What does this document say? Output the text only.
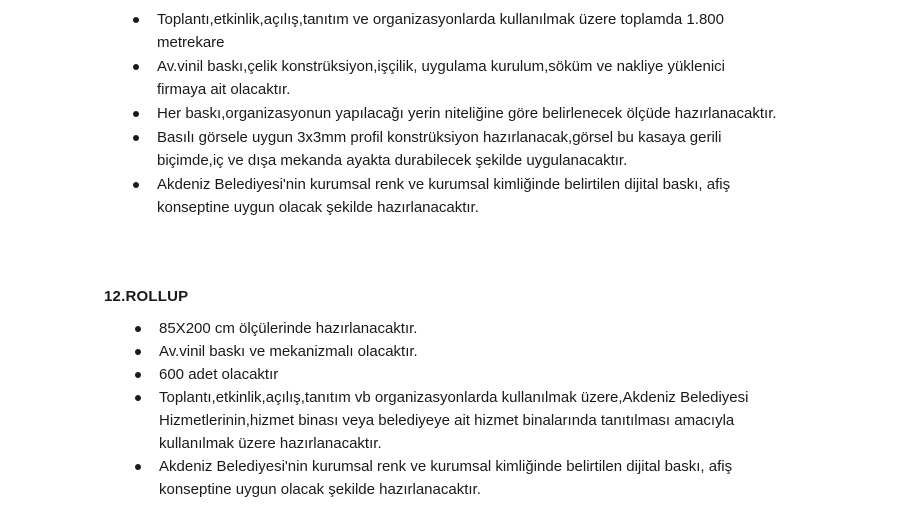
Toplantı,etkinlik,açılış,tanıtım ve organizasyonlarda kullanılmak üzere toplamda 1.800 metrekare
Av.vinil baskı,çelik konstrüksiyon,işçilik, uygulama kurulum,söküm ve nakliye yüklenici firmaya ait olacaktır.
Her baskı,organizasyonun yapılacağı yerin niteliğine göre belirlenecek ölçüde hazırlanacaktır.
Basılı görsele uygun 3x3mm profil konstrüksiyon hazırlanacak,görsel bu kasaya gerili biçimde,iç ve dışa mekanda ayakta durabilecek şekilde uygulanacaktır.
Akdeniz Belediyesi'nin kurumsal renk ve kurumsal kimliğinde belirtilen dijital baskı, afiş konseptine uygun olacak şekilde hazırlanacaktır.
12.ROLLUP
85X200 cm ölçülerinde hazırlanacaktır.
Av.vinil baskı ve mekanizmalı olacaktır.
600 adet olacaktır
Toplantı,etkinlik,açılış,tanıtım vb organizasyonlarda kullanılmak üzere,Akdeniz Belediyesi Hizmetlerinin,hizmet binası veya belediyeye ait hizmet binalarında tanıtılması amacıyla kullanılmak üzere hazırlanacaktır.
Akdeniz Belediyesi'nin kurumsal renk ve kurumsal kimliğinde belirtilen dijital baskı, afiş konseptine uygun olacak şekilde hazırlanacaktır.
